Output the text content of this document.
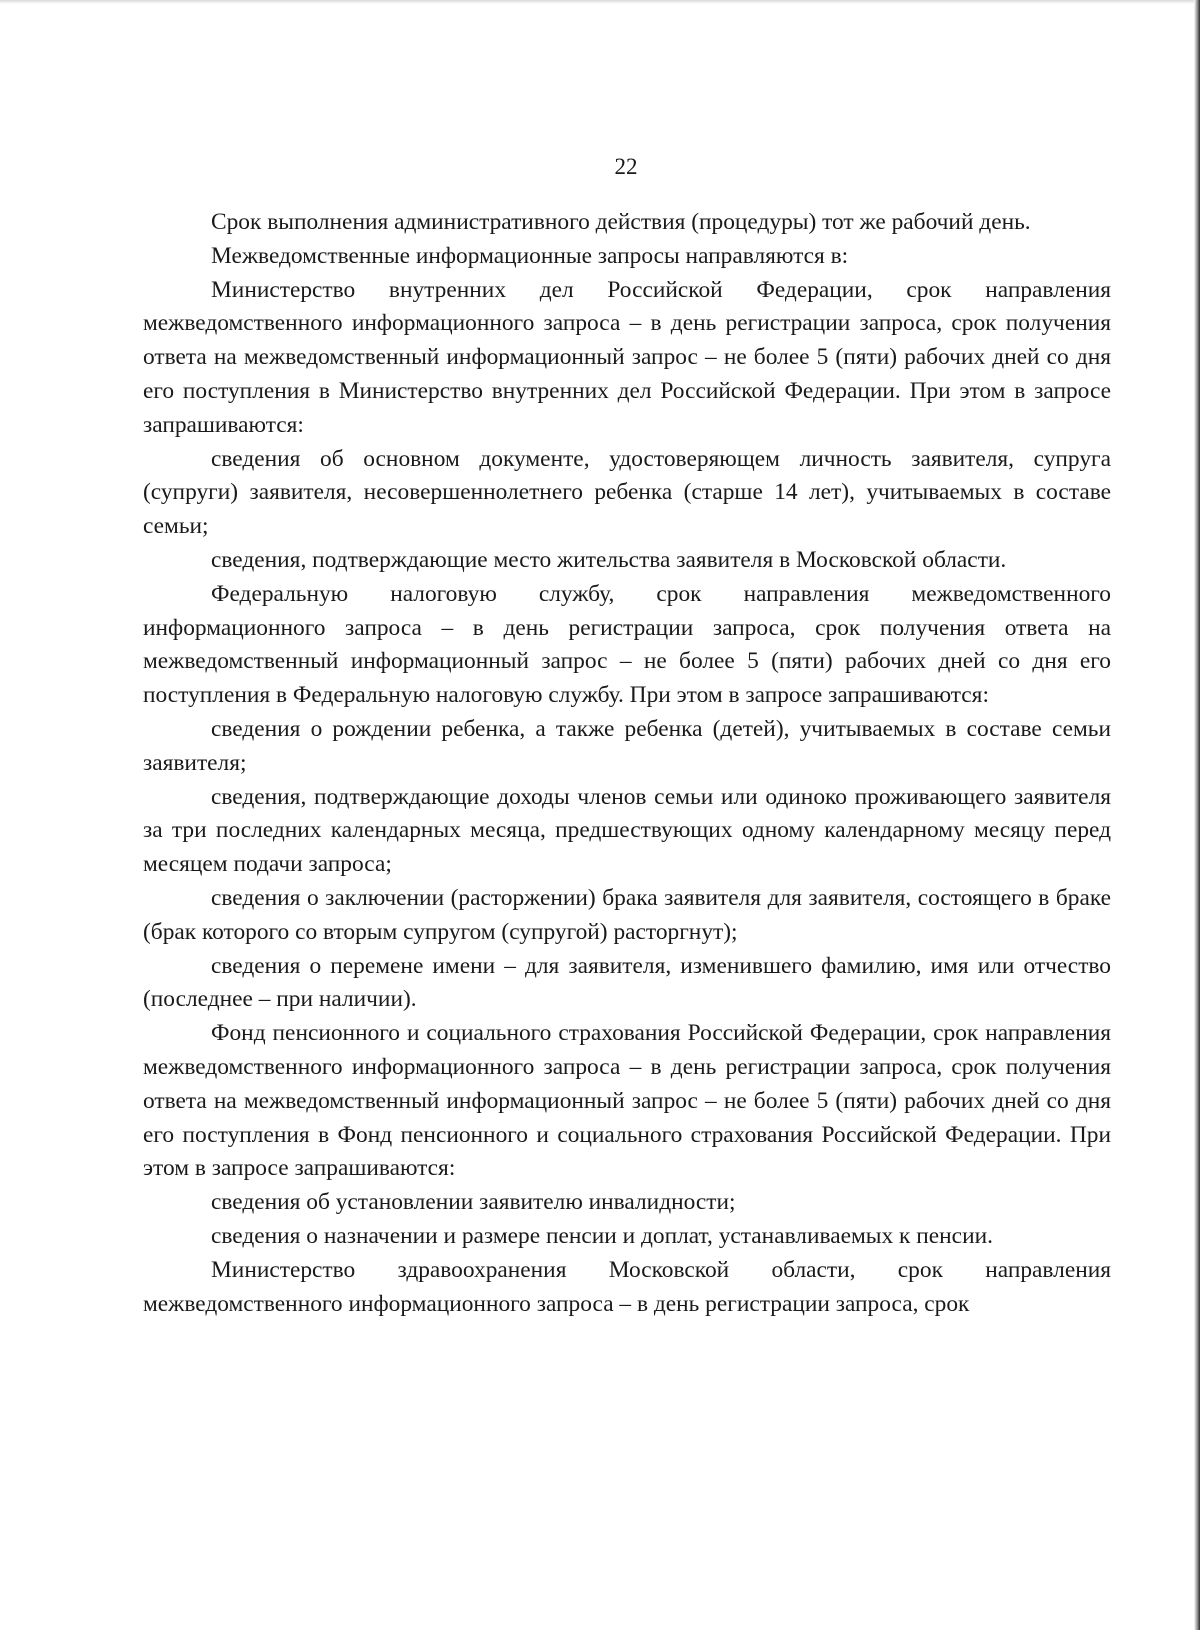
22

Срок выполнения административного действия (процедуры) тот же рабочий день.

Межведомственные информационные запросы направляются в:

Министерство внутренних дел Российской Федерации, срок направления межведомственного информационного запроса – в день регистрации запроса, срок получения ответа на межведомственный информационный запрос – не более 5 (пяти) рабочих дней со дня его поступления в Министерство внутренних дел Российской Федерации. При этом в запросе запрашиваются:

сведения об основном документе, удостоверяющем личность заявителя, супруга (супруги) заявителя, несовершеннолетнего ребенка (старше 14 лет), учитываемых в составе семьи;

сведения, подтверждающие место жительства заявителя в Московской области.

Федеральную налоговую службу, срок направления межведомственного информационного запроса – в день регистрации запроса, срок получения ответа на межведомственный информационный запрос – не более 5 (пяти) рабочих дней со дня его поступления в Федеральную налоговую службу. При этом в запросе запрашиваются:

сведения о рождении ребенка, а также ребенка (детей), учитываемых в составе семьи заявителя;

сведения, подтверждающие доходы членов семьи или одиноко проживающего заявителя за три последних календарных месяца, предшествующих одному календарному месяцу перед месяцем подачи запроса;

сведения о заключении (расторжении) брака заявителя для заявителя, состоящего в браке (брак которого со вторым супругом (супругой) расторгнут);

сведения о перемене имени – для заявителя, изменившего фамилию, имя или отчество (последнее – при наличии).

Фонд пенсионного и социального страхования Российской Федерации, срок направления межведомственного информационного запроса – в день регистрации запроса, срок получения ответа на межведомственный информационный запрос – не более 5 (пяти) рабочих дней со дня его поступления в Фонд пенсионного и социального страхования Российской Федерации. При этом в запросе запрашиваются:

сведения об установлении заявителю инвалидности;

сведения о назначении и размере пенсии и доплат, устанавливаемых к пенсии.

Министерство здравоохранения Московской области, срок направления межведомственного информационного запроса – в день регистрации запроса, срок
